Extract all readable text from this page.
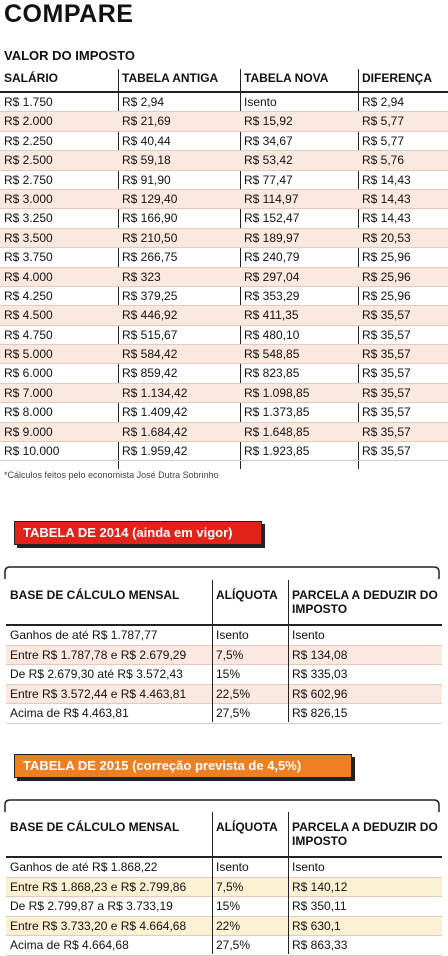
COMPARE
VALOR DO IMPOSTO
SALÁRIO	TABELA ANTIGA	TABELA NOVA	DIFERENÇA
R$ 1.750	R$ 2,94	Isento	R$ 2,94
R$ 2.000	R$ 21,69	R$ 15,92	R$ 5,77
R$ 2.250	R$ 40,44	R$ 34,67	R$ 5,77
R$ 2.500	R$ 59,18	R$ 53,42	R$ 5,76
R$ 2.750	R$ 91,90	R$ 77,47	R$ 14,43
R$ 3.000	R$ 129,40	R$ 114,97	R$ 14,43
R$ 3.250	R$ 166,90	R$ 152,47	R$ 14,43
R$ 3.500	R$ 210,50	R$ 189,97	R$ 20,53
R$ 3.750	R$ 266,75	R$ 240,79	R$ 25,96
R$ 4.000	R$ 323	R$ 297,04	R$ 25,96
R$ 4.250	R$ 379,25	R$ 353,29	R$ 25,96
R$ 4.500	R$ 446,92	R$ 411,35	R$ 35,57
R$ 4.750	R$ 515,67	R$ 480,10	R$ 35,57
R$ 5.000	R$ 584,42	R$ 548,85	R$ 35,57
R$ 6.000	R$ 859,42	R$ 823,85	R$ 35,57
R$ 7.000	R$ 1.134,42	R$ 1.098,85	R$ 35,57
R$ 8.000	R$ 1.409,42	R$ 1.373,85	R$ 35,57
R$ 9.000	R$ 1.684,42	R$ 1.648,85	R$ 35,57
R$ 10.000	R$ 1.959,42	R$ 1.923,85	R$ 35,57
*Cálculos feitos pelo economista José Dutra Sobrinho
TABELA DE 2014 (ainda em vigor)
BASE DE CÁLCULO MENSAL	ALÍQUOTA	PARCELA A DEDUZIR DO IMPOSTO
Ganhos de até R$ 1.787,77	Isento	Isento
Entre R$ 1.787,78 e R$ 2.679,29	7,5%	R$ 134,08
De R$ 2.679,30 até R$ 3.572,43	15%	R$ 335,03
Entre R$ 3.572,44 e R$ 4.463,81	22,5%	R$ 602,96
Acima de R$ 4.463,81	27,5%	R$ 826,15
TABELA DE 2015 (correção prevista de 4,5%)
BASE DE CÁLCULO MENSAL	ALÍQUOTA	PARCELA A DEDUZIR DO IMPOSTO
Ganhos de até R$ 1.868,22	Isento	Isento
Entre R$ 1.868,23 e R$ 2.799,86	7,5%	R$ 140,12
De R$ 2.799,87 a R$ 3.733,19	15%	R$ 350,11
Entre R$ 3.733,20 e R$ 4.664,68	22%	R$ 630,1
Acima de R$ 4.664,68	27,5%	R$ 863,33
